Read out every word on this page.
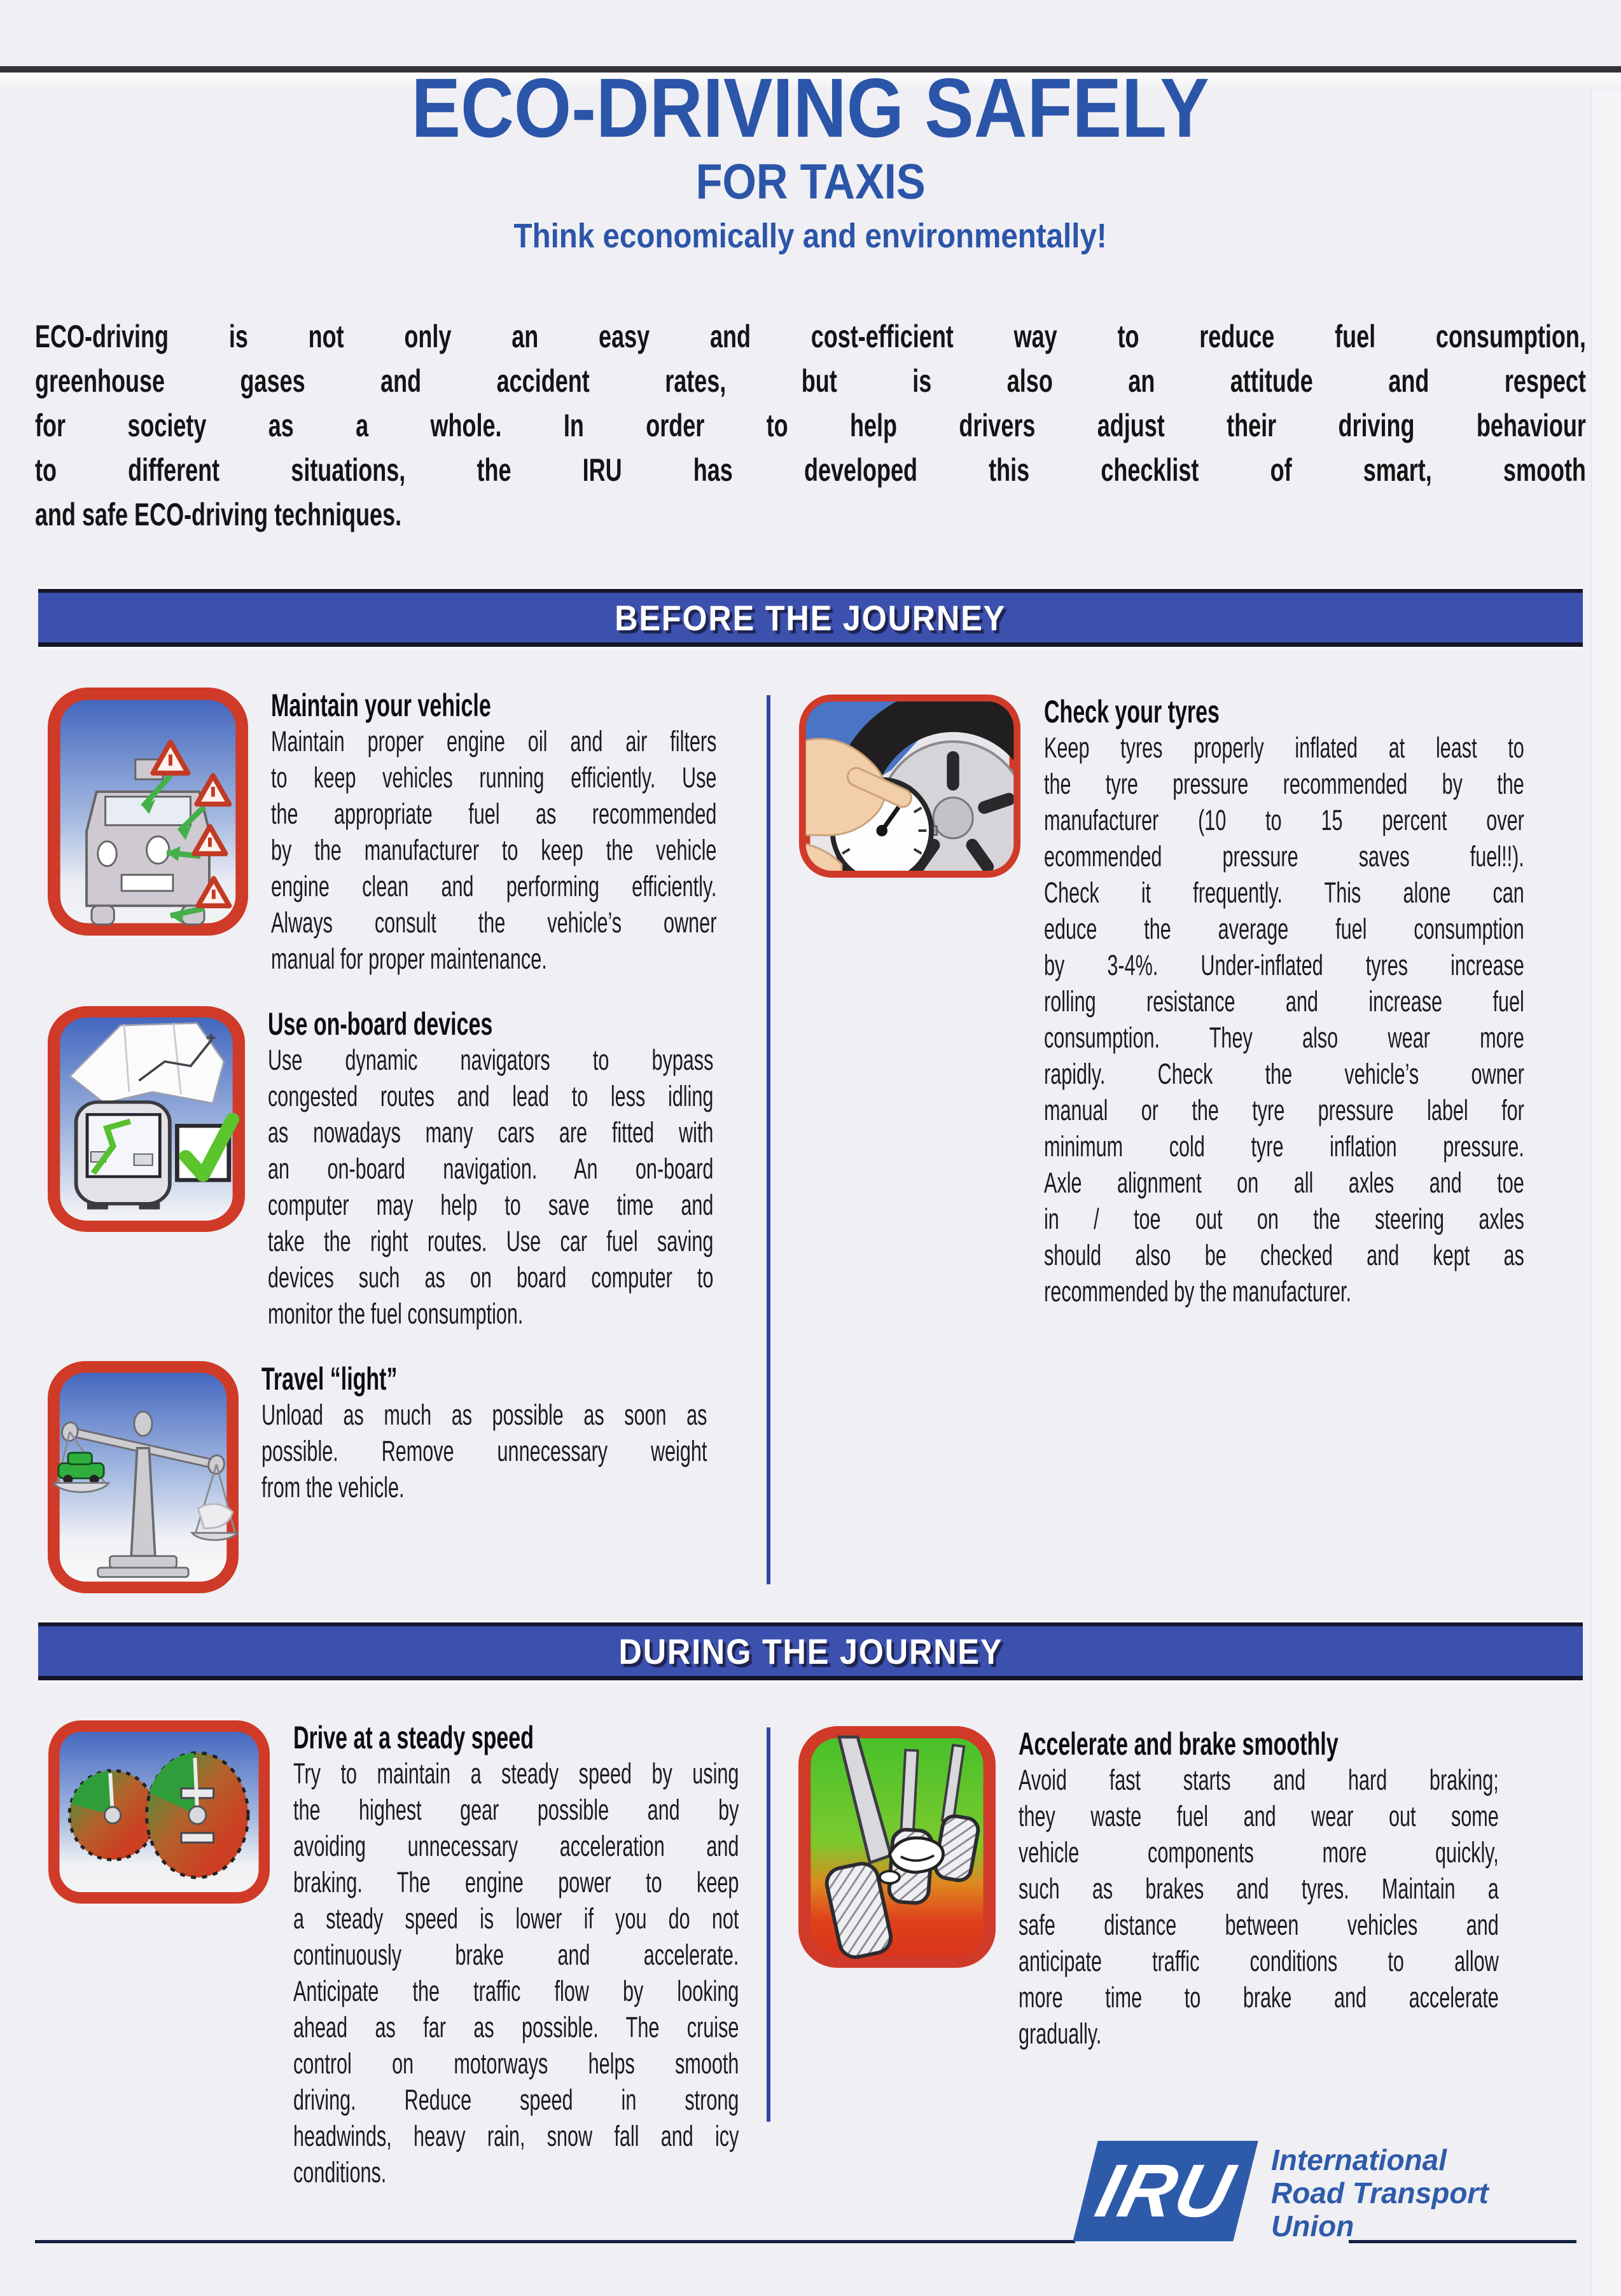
ECO-DRIVING SAFELY
FOR TAXIS
Think economically and environmentally!
ECO-driving is not only an easy and cost-efficient way to reduce fuel consumption,
greenhouse gases and accident rates, but is also an attitude and respect
for society as a whole. In order to help drivers adjust their driving behaviour
to different situations, the IRU has developed this checklist of smart, smooth
and safe ECO-driving techniques.
BEFORE THE JOURNEY
Maintain your vehicle
Maintain proper engine oil and air filters
to keep vehicles running efficiently. Use
the appropriate fuel as recommended
by the manufacturer to keep the vehicle
engine clean and performing efficiently.
Always consult the vehicle’s owner
manual for proper maintenance.
Use on-board devices
Use dynamic navigators to bypass
congested routes and lead to less idling
as nowadays many cars are fitted with
an on-board navigation. An on-board
computer may help to save time and
take the right routes. Use car fuel saving
devices such as on board computer to
monitor the fuel consumption.
Travel “light”
Unload as much as possible as soon as
possible. Remove unnecessary weight
from the vehicle.
Check your tyres
Keep tyres properly inflated at least to
the tyre pressure recommended by the
manufacturer (10 to 15 percent over
ecommended pressure saves fuel!!).
Check it frequently. This alone can
educe the average fuel consumption
by 3-4%. Under-inflated tyres increase
rolling resistance and increase fuel
consumption. They also wear more
rapidly. Check the vehicle’s owner
manual or the tyre pressure label for
minimum cold tyre inflation pressure.
Axle alignment on all axles and toe
in / toe out on the steering axles
should also be checked and kept as
recommended by the manufacturer.
DURING THE JOURNEY
Drive at a steady speed
Try to maintain a steady speed by using
the highest gear possible and by
avoiding unnecessary acceleration and
braking. The engine power to keep
a steady speed is lower if you do not
continuously brake and accelerate.
Anticipate the traffic flow by looking
ahead as far as possible. The cruise
control on motorways helps smooth
driving. Reduce speed in strong
headwinds, heavy rain, snow fall and icy
conditions.
Accelerate and brake smoothly
Avoid fast starts and hard braking;
they waste fuel and wear out some
vehicle components more quickly,
such as brakes and tyres. Maintain a
safe distance between vehicles and
anticipate traffic conditions to allow
more time to brake and accelerate
gradually.
IRU International
Road Transport
Union
